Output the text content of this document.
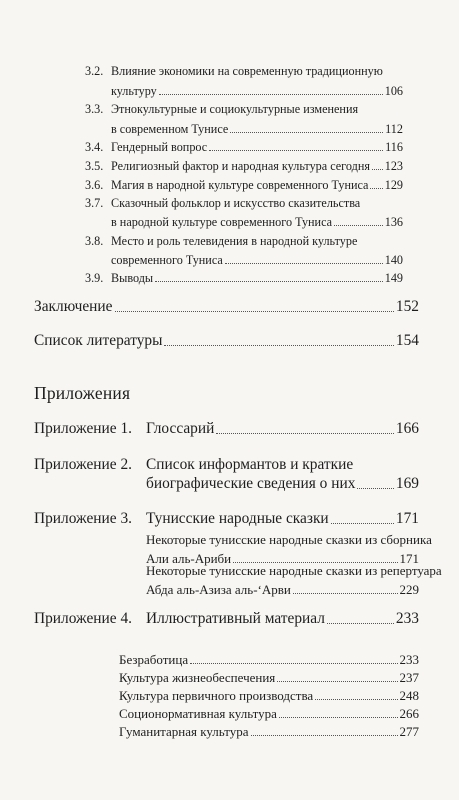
3.2. Влияние экономики на современную традиционную
культуру	106
3.3. Этнокультурные и социокультурные изменения
в современном Тунисе	112
3.4. Гендерный вопрос	116
3.5. Религиозный фактор и народная культура сегодня 123
3.6. Магия в народной культуре современного Туниса 129
3.7. Сказочный фольклор и искусство сказительства
в народной культуре современного Туниса	136
3.8. Место и роль телевидения в народной культуре
современного Туниса	140
3.9. Выводы	149
Заключение	152
Список литературы	154
Приложения
Приложение 1. Глоссарий	166
Приложение 2. Список информантов и краткие
биографические сведения о них	169
Приложение 3. Тунисские народные сказки	171
Некоторые тунисские народные сказки из сборника
Али аль-Ариби	171
Некоторые тунисские народные сказки из репертуара
Абда аль-Азиза аль-ʻАрви	229
Приложение 4. Иллюстративный материал	233
Безработица	233
Культура жизнеобеспечения	237
Культура первичного производства	248
Соционормативная культура	266
Гуманитарная культура	277
